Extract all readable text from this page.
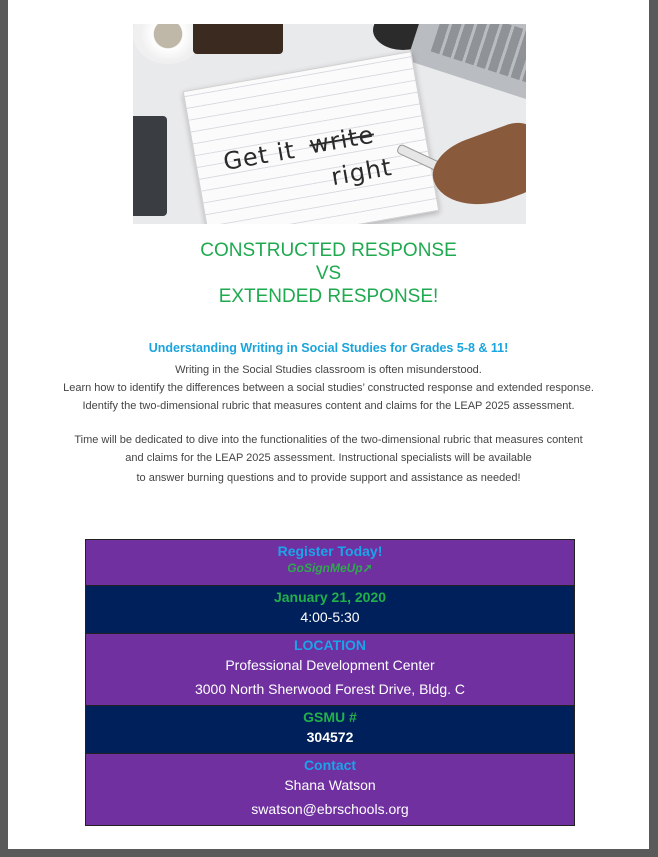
Get it write
right
CONSTRUCTED RESPONSE
VS
EXTENDED RESPONSE!
Understanding Writing in Social Studies for Grades 5-8 & 11!
Writing in the Social Studies classroom is often misunderstood.
Learn how to identify the differences between a social studies’ constructed response and extended response.
Identify the two-dimensional rubric that measures content and claims for the LEAP 2025 assessment.
Time will be dedicated to dive into the functionalities of the two-dimensional rubric that measures content
and claims for the LEAP 2025 assessment. Instructional specialists will be available
to answer burning questions and to provide support and assistance as needed!
Register Today!
GoSignMeUp➚
January 21, 2020
4:00-5:30
LOCATION
Professional Development Center
3000 North Sherwood Forest Drive, Bldg. C
GSMU #
304572
Contact
Shana Watson
swatson@ebrschools.org
